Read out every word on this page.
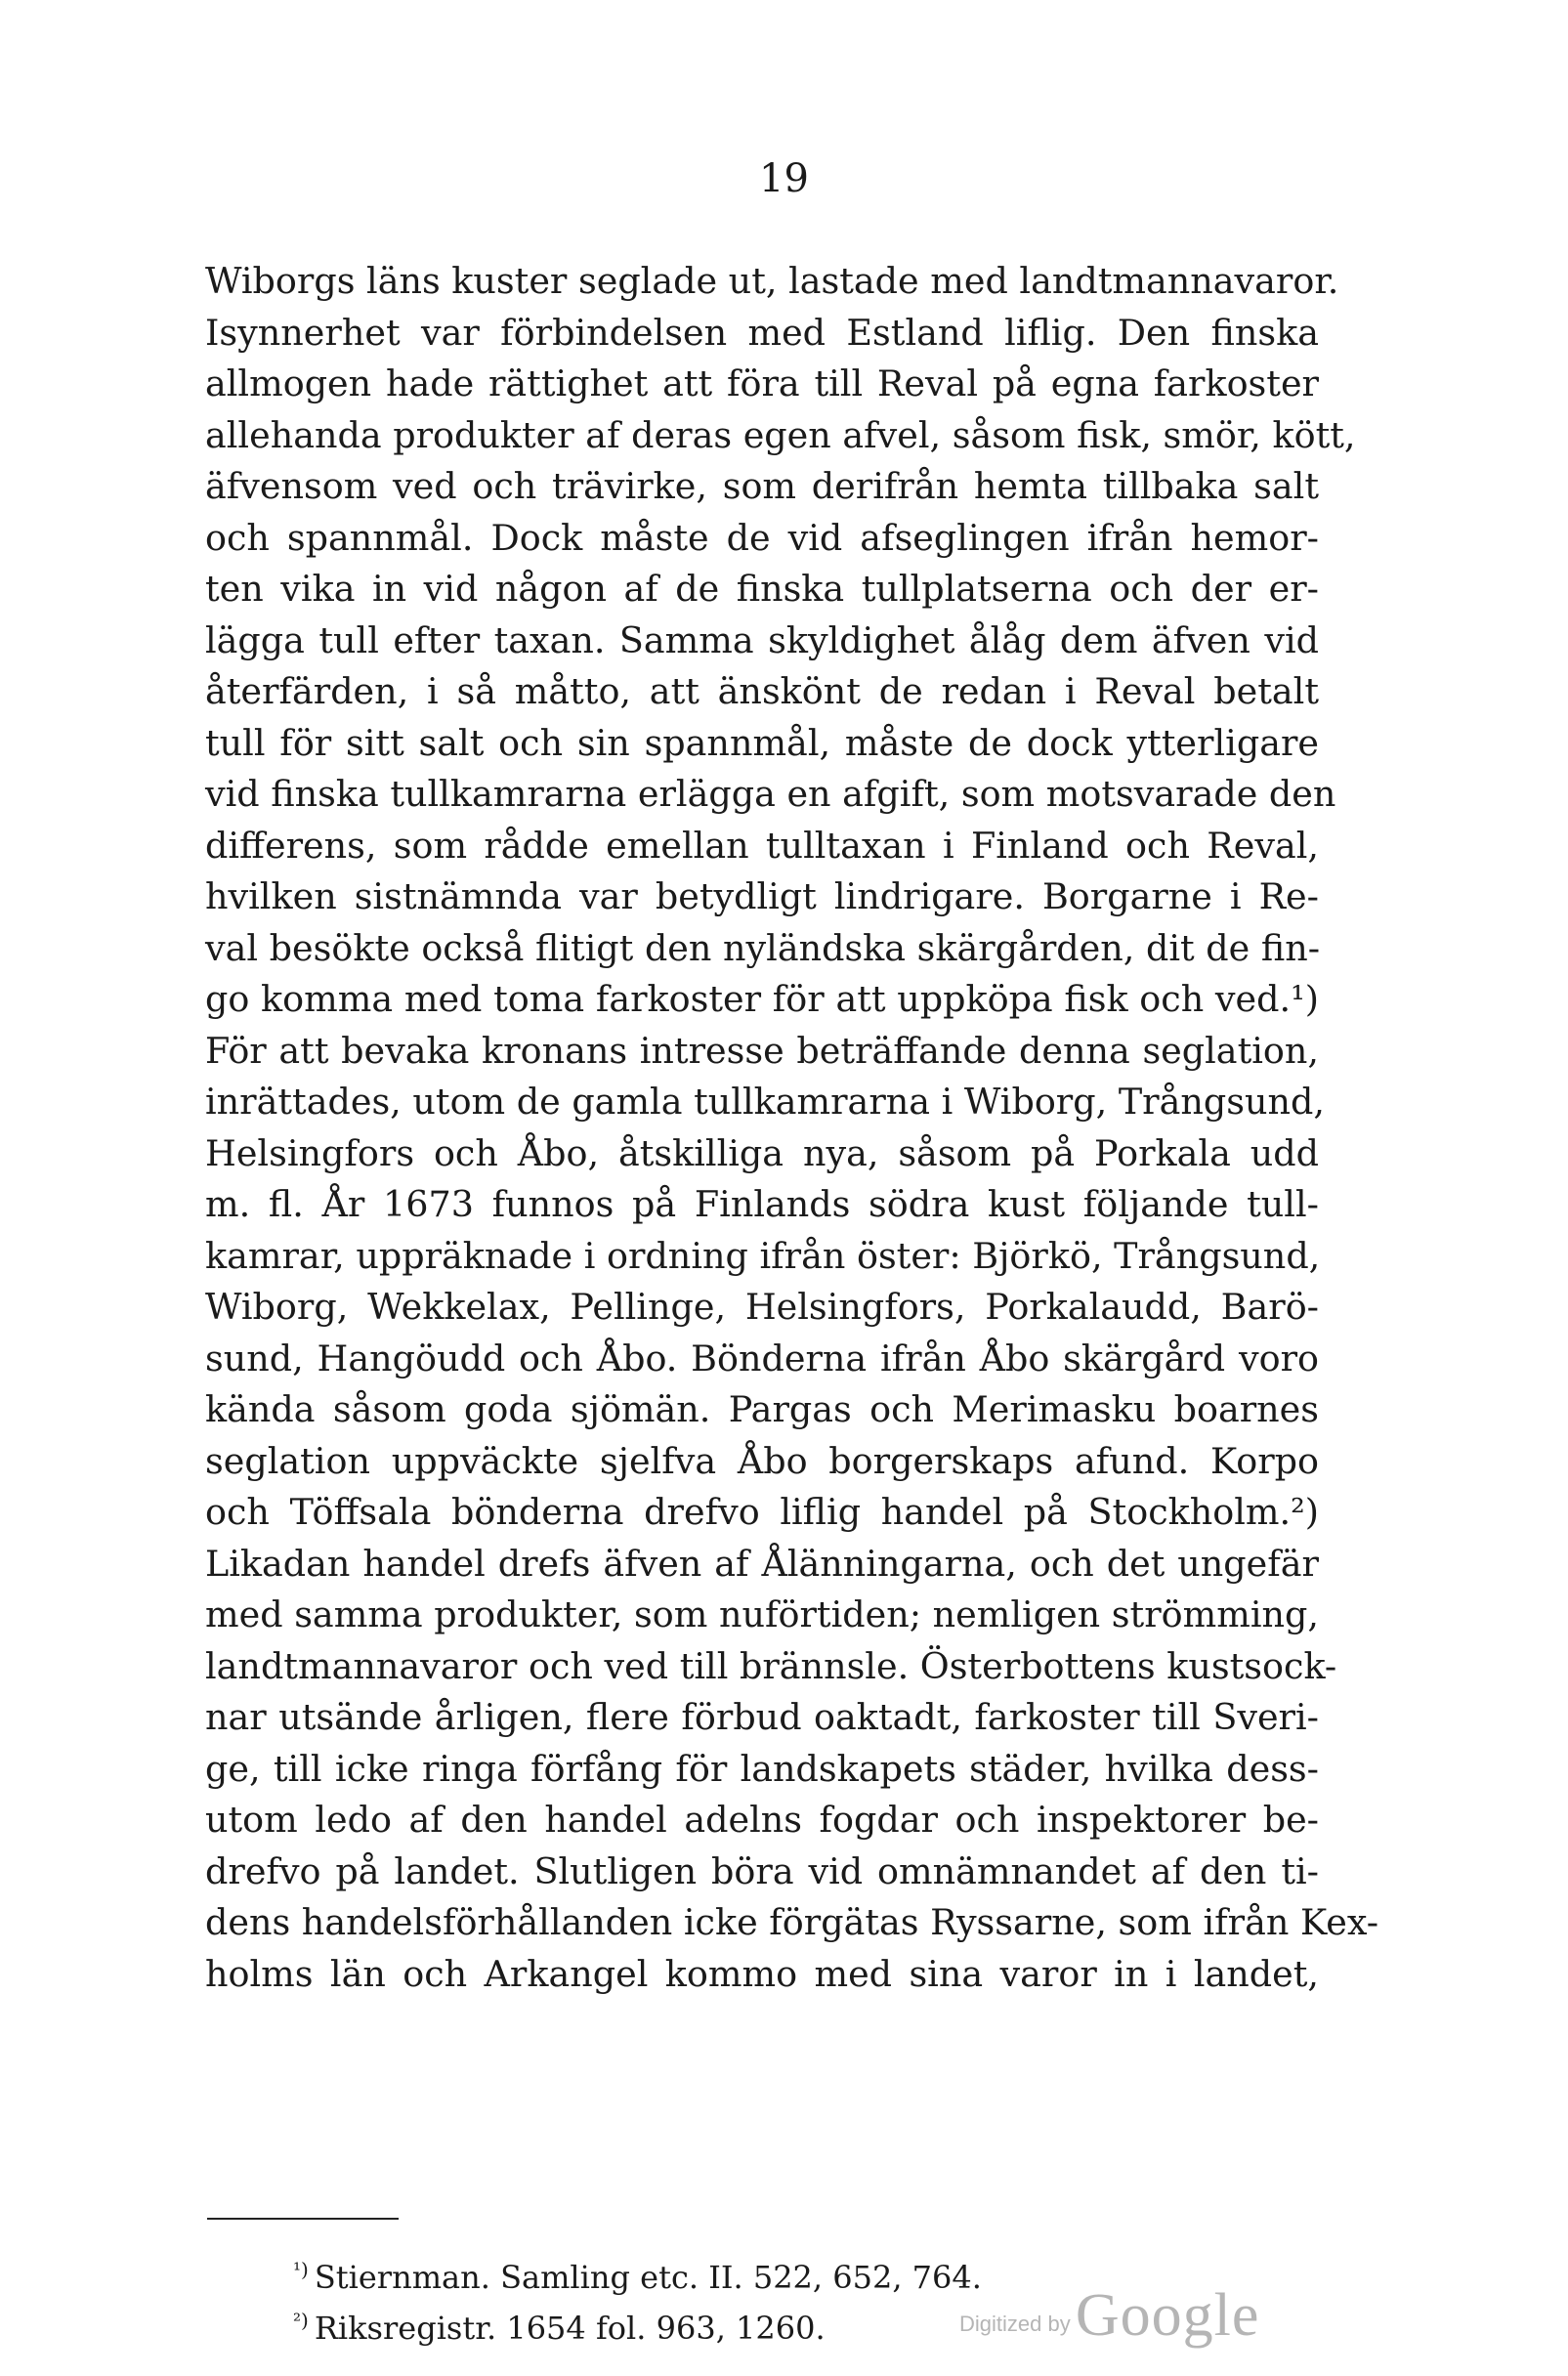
19
Wiborgs läns kuster seglade ut, lastade med landtmannavaror.
Isynnerhet var förbindelsen med Estland liflig. Den finska
allmogen hade rättighet att föra till Reval på egna farkoster
allehanda produkter af deras egen afvel, såsom fisk, smör, kött,
äfvensom ved och trävirke, som derifrån hemta tillbaka salt
och spannmål. Dock måste de vid afseglingen ifrån hemor-
ten vika in vid någon af de finska tullplatserna och der er-
lägga tull efter taxan. Samma skyldighet ålåg dem äfven vid
återfärden, i så måtto, att änskönt de redan i Reval betalt
tull för sitt salt och sin spannmål, måste de dock ytterligare
vid finska tullkamrarna erlägga en afgift, som motsvarade den
differens, som rådde emellan tulltaxan i Finland och Reval,
hvilken sistnämnda var betydligt lindrigare. Borgarne i Re-
val besökte också flitigt den nyländska skärgården, dit de fin-
go komma med toma farkoster för att uppköpa fisk och ved.¹)
För att bevaka kronans intresse beträffande denna seglation,
inrättades, utom de gamla tullkamrarna i Wiborg, Trångsund,
Helsingfors och Åbo, åtskilliga nya, såsom på Porkala udd
m. fl. År 1673 funnos på Finlands södra kust följande tull-
kamrar, uppräknade i ordning ifrån öster: Björkö, Trångsund,
Wiborg, Wekkelax, Pellinge, Helsingfors, Porkalaudd, Barö-
sund, Hangöudd och Åbo. Bönderna ifrån Åbo skärgård voro
kända såsom goda sjömän. Pargas och Merimasku boarnes
seglation uppväckte sjelfva Åbo borgerskaps afund. Korpo
och Töffsala bönderna drefvo liflig handel på Stockholm.²)
Likadan handel drefs äfven af Ålänningarna, och det ungefär
med samma produkter, som nuförtiden; nemligen strömming,
landtmannavaror och ved till brännsle. Österbottens kustsock-
nar utsände årligen, flere förbud oaktadt, farkoster till Sveri-
ge, till icke ringa förfång för landskapets städer, hvilka dess-
utom ledo af den handel adelns fogdar och inspektorer be-
drefvo på landet. Slutligen böra vid omnämnandet af den ti-
dens handelsförhållanden icke förgätas Ryssarne, som ifrån Kex-
holms län och Arkangel kommo med sina varor in i landet,
$^{^1)}$ Stiernman. Samling etc. II. 522, 652, 764.
$^{^2)}$ Riksregistr. 1654 fol. 963, 1260.	Digitized by Google
